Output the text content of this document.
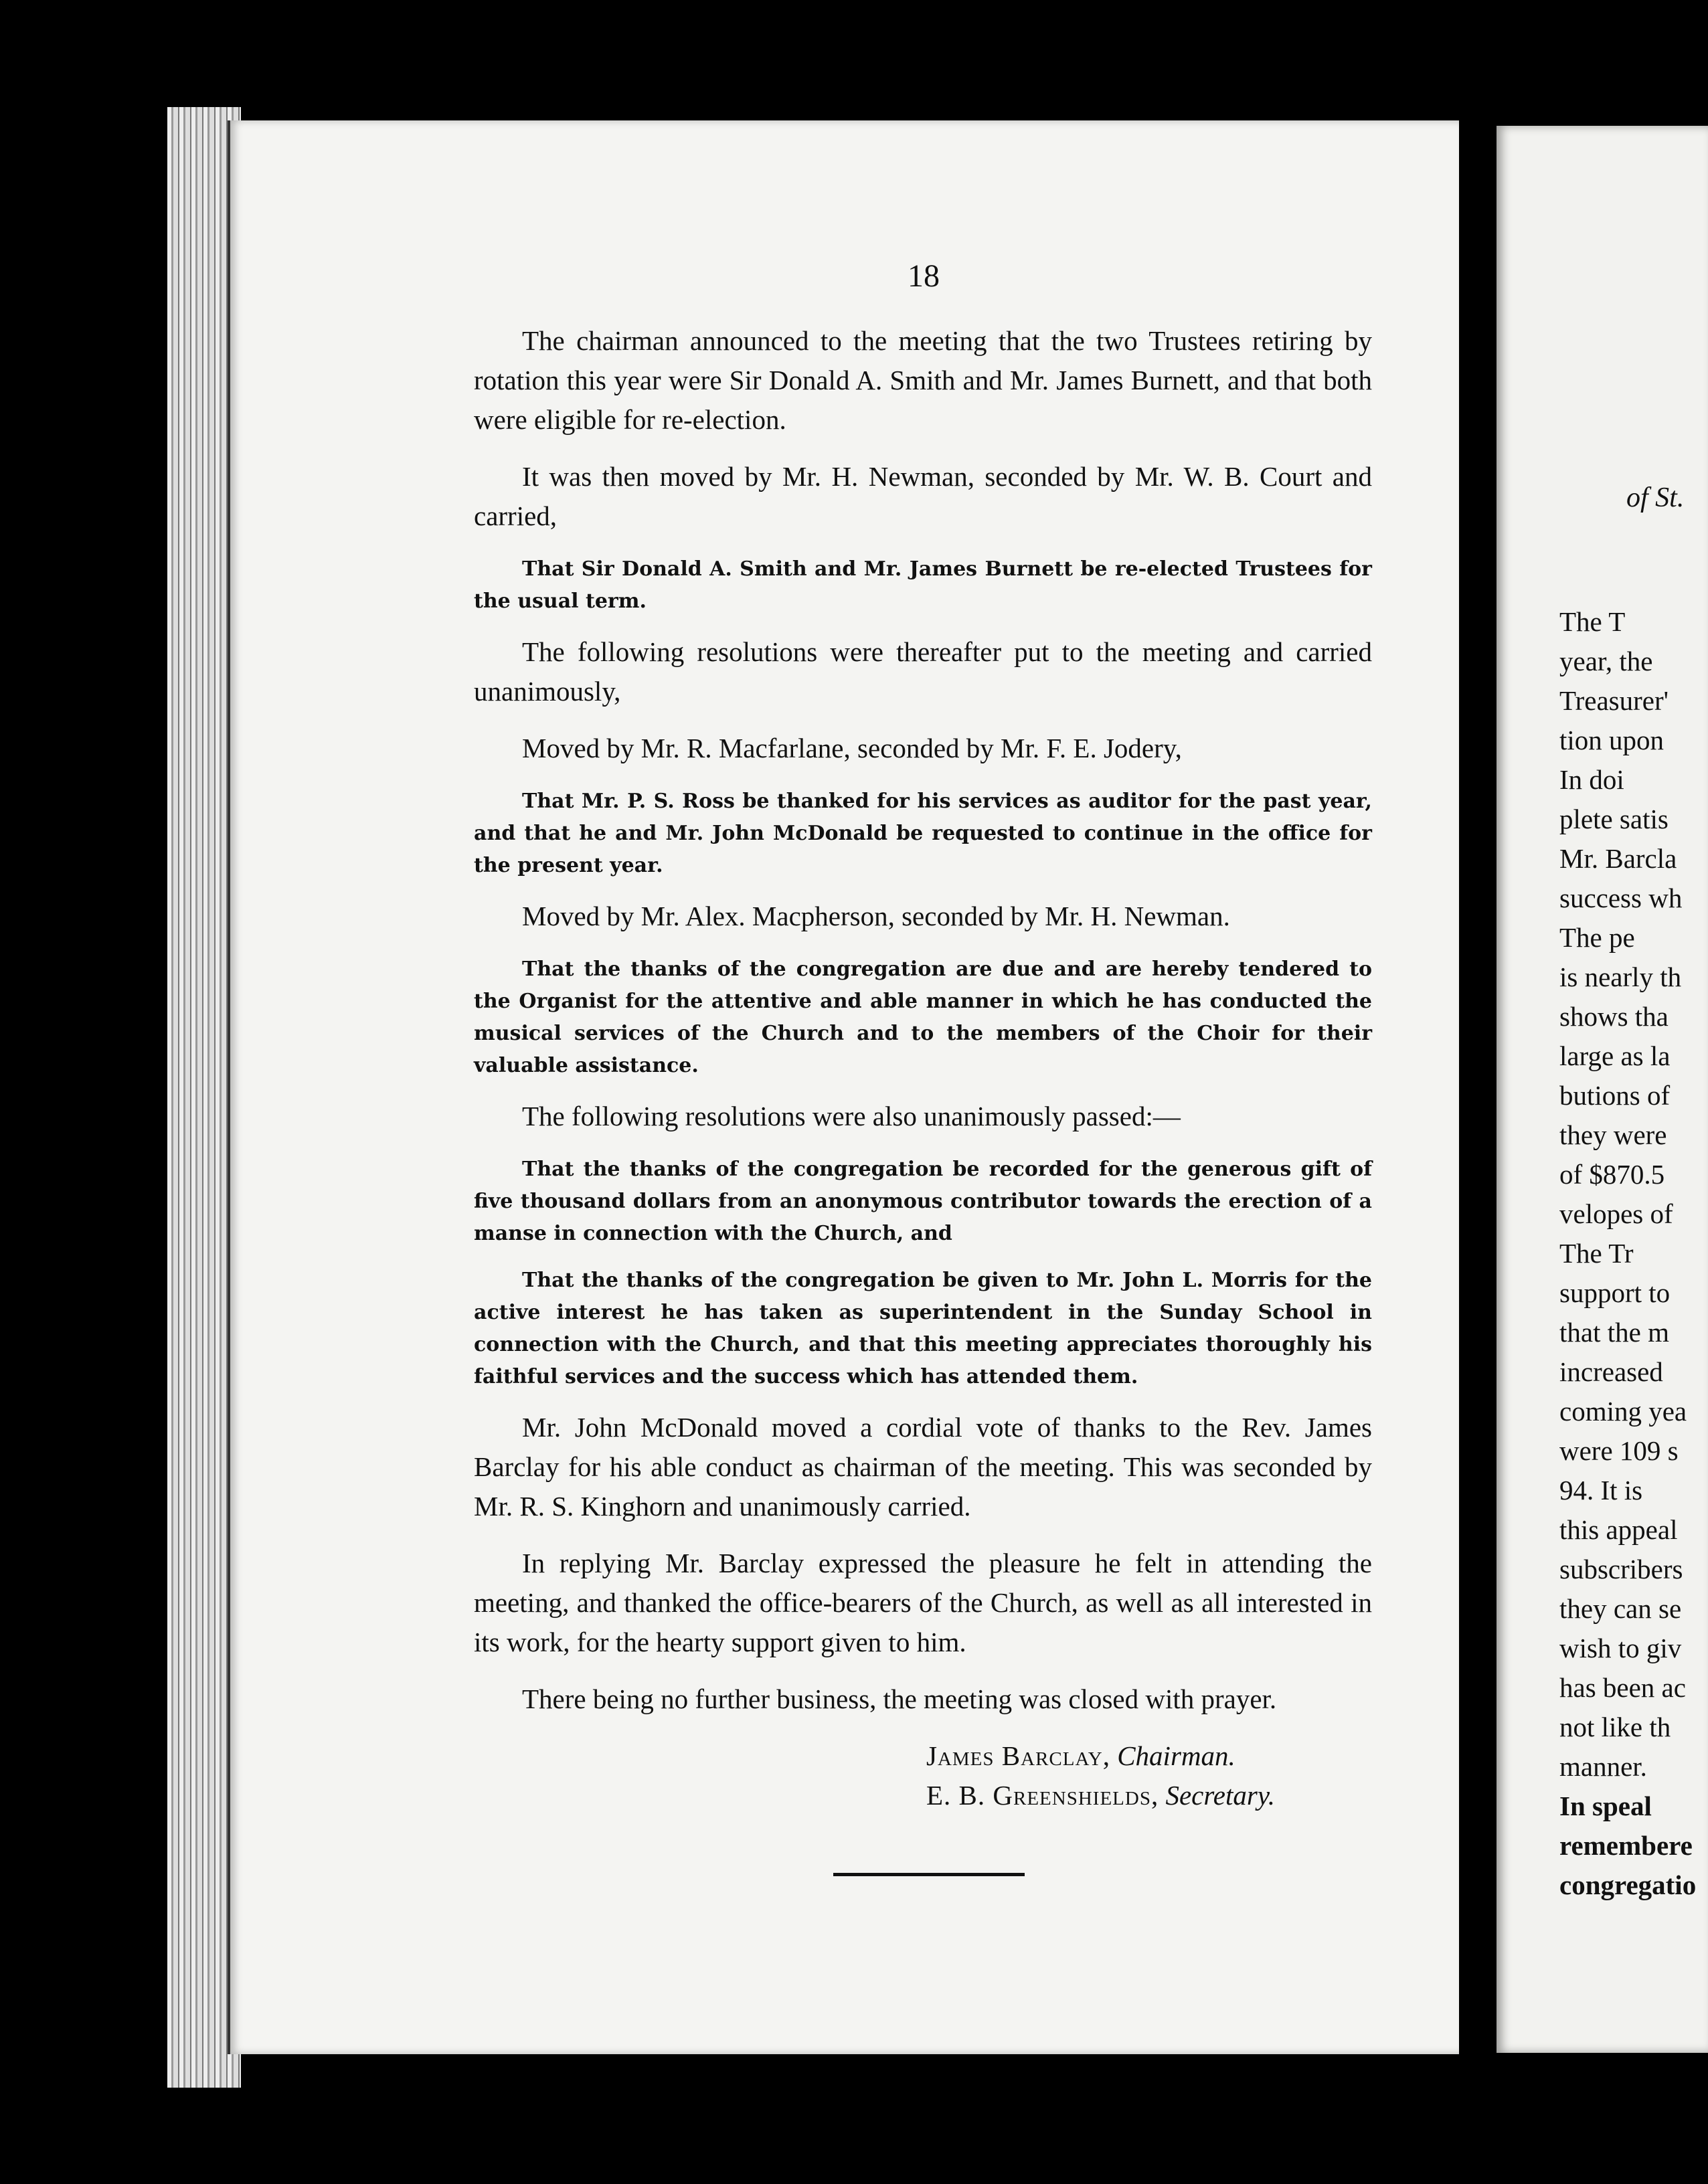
18

The chairman announced to the meeting that the two Trustees retiring by rotation this year were Sir Donald A. Smith and Mr. James Burnett, and that both were eligible for re-election.

It was then moved by Mr. H. Newman, seconded by Mr. W. B. Court and carried,

That Sir Donald A. Smith and Mr. James Burnett be re-elected Trustees for the usual term.

The following resolutions were thereafter put to the meeting and carried unanimously,

Moved by Mr. R. Macfarlane, seconded by Mr. F. E. Jodery,

That Mr. P. S. Ross be thanked for his services as auditor for the past year, and that he and Mr. John McDonald be requested to continue in the office for the present year.

Moved by Mr. Alex. Macpherson, seconded by Mr. H. Newman.

That the thanks of the congregation are due and are hereby tendered to the Organist for the attentive and able manner in which he has conducted the musical services of the Church and to the members of the Choir for their valuable assistance.

The following resolutions were also unanimously passed:—

That the thanks of the congregation be recorded for the generous gift of five thousand dollars from an anonymous contributor towards the erection of a manse in connection with the Church, and

That the thanks of the congregation be given to Mr. John L. Morris for the active interest he has taken as superintendent in the Sunday School in connection with the Church, and that this meeting appreciates thoroughly his faithful services and the success which has attended them.

Mr. John McDonald moved a cordial vote of thanks to the Rev. James Barclay for his able conduct as chairman of the meeting. This was seconded by Mr. R. S. Kinghorn and unanimously carried.

In replying Mr. Barclay expressed the pleasure he felt in attending the meeting, and thanked the office-bearers of the Church, as well as all interested in its work, for the hearty support given to him.

There being no further business, the meeting was closed with prayer.

James Barclay, Chairman.
E. B. Greenshields, Secretary.
of St.
The T
year, the
Treasurer'
tion upon
In doi
plete satis
Mr. Barcla
success wh
The pe
is nearly th
shows tha
large as la
butions of
they were
of $870.5
velopes of
The Tr
support to
that the m
increased
coming yea
were 109 s
94. It is
this appeal
subscribers
they can se
wish to giv
has been ac
not like th
manner.
In speal
remembere
congregatio
